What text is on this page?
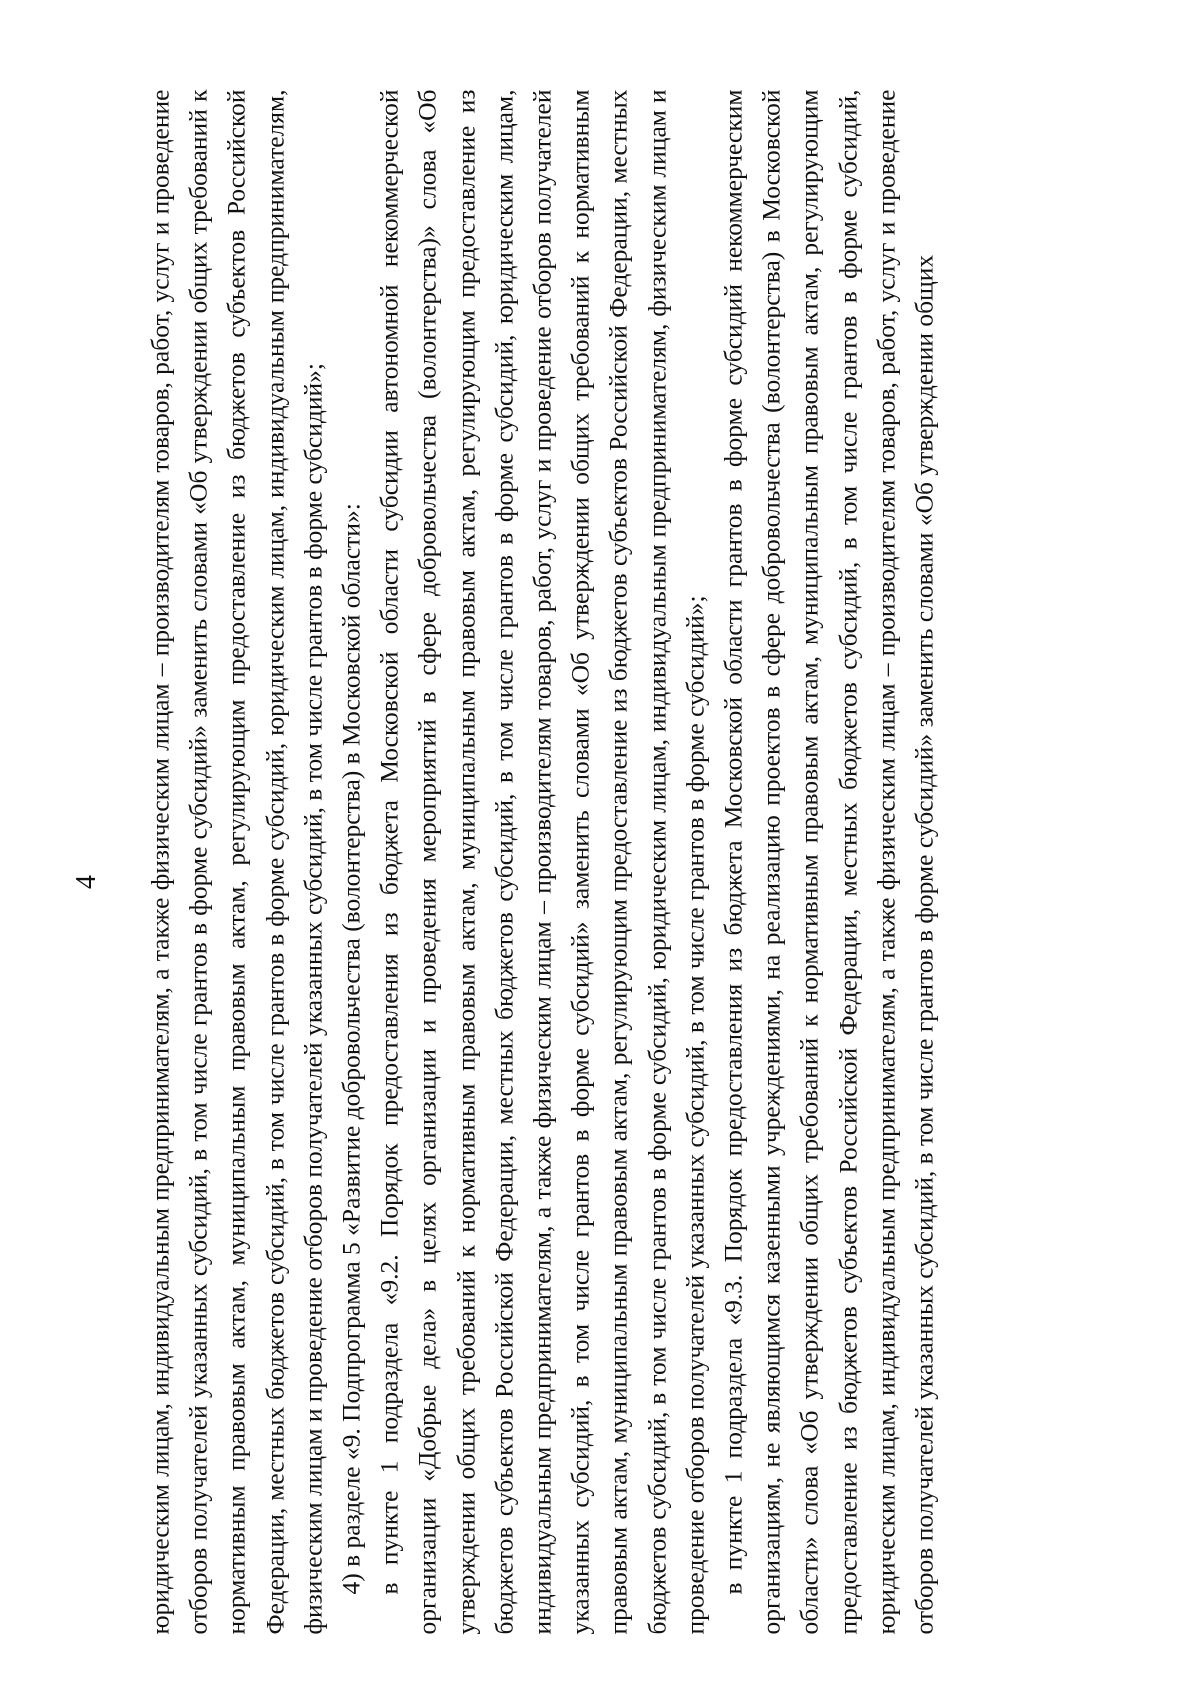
4 юридическим лицам, индивидуальным предпринимателям, а также физическим лицам – производителям товаров, работ, услуг и проведение отборов получателей указанных субсидий, в том числе грантов в форме субсидий» заменить словами «Об утверждении общих требований к нормативным правовым актам, муниципальным правовым актам, регулирующим предоставление из бюджетов субъектов Российской Федерации, местных бюджетов субсидий, в том числе грантов в форме субсидий, юридическим лицам, индивидуальным предпринимателям, физическим лицам и проведение отборов получателей указанных субсидий, в том числе грантов в форме субсидий»; 4) в разделе «9. Подпрограмма 5 «Развитие добровольчества (волонтерства) в Московской области»: в пункте 1 подраздела «9.2. Порядок предоставления из бюджета Московской области субсидии автономной некоммерческой организации «Добрые дела» в целях организации и проведения мероприятий в сфере добровольчества (волонтерства)» слова «Об утверждении общих требований к нормативным правовым актам, муниципальным правовым актам, регулирующим предоставление из бюджетов субъектов Российской Федерации, местных бюджетов субсидий, в том числе грантов в форме субсидий, юридическим лицам, индивидуальным предпринимателям, а также физическим лицам – производителям товаров, работ, услуг и проведение отборов получателей указанных субсидий, в том числе грантов в форме субсидий» заменить словами «Об утверждении общих требований к нормативным правовым актам, муниципальным правовым актам, регулирующим предоставление из бюджетов субъектов Российской Федерации, местных бюджетов субсидий, в том числе грантов в форме субсидий, юридическим лицам, индивидуальным предпринимателям, физическим лицам и проведение отборов получателей указанных субсидий, в том числе грантов в форме субсидий»; в пункте 1 подраздела «9.3. Порядок предоставления из бюджета Московской области грантов в форме субсидий некоммерческим организациям, не являющимся казенными учреждениями, на реализацию проектов в сфере добровольчества (волонтерства) в Московской области» слова «Об утверждении общих требований к нормативным правовым актам, муниципальным правовым актам, регулирующим предоставление из бюджетов субъектов Российской Федерации, местных бюджетов субсидий, в том числе грантов в форме субсидий, юридическим лицам, индивидуальным предпринимателям, а также физическим лицам – производителям товаров, работ, услуг и проведение отборов получателей указанных субсидий, в том числе грантов в форме субсидий» заменить словами «Об утверждении общих
